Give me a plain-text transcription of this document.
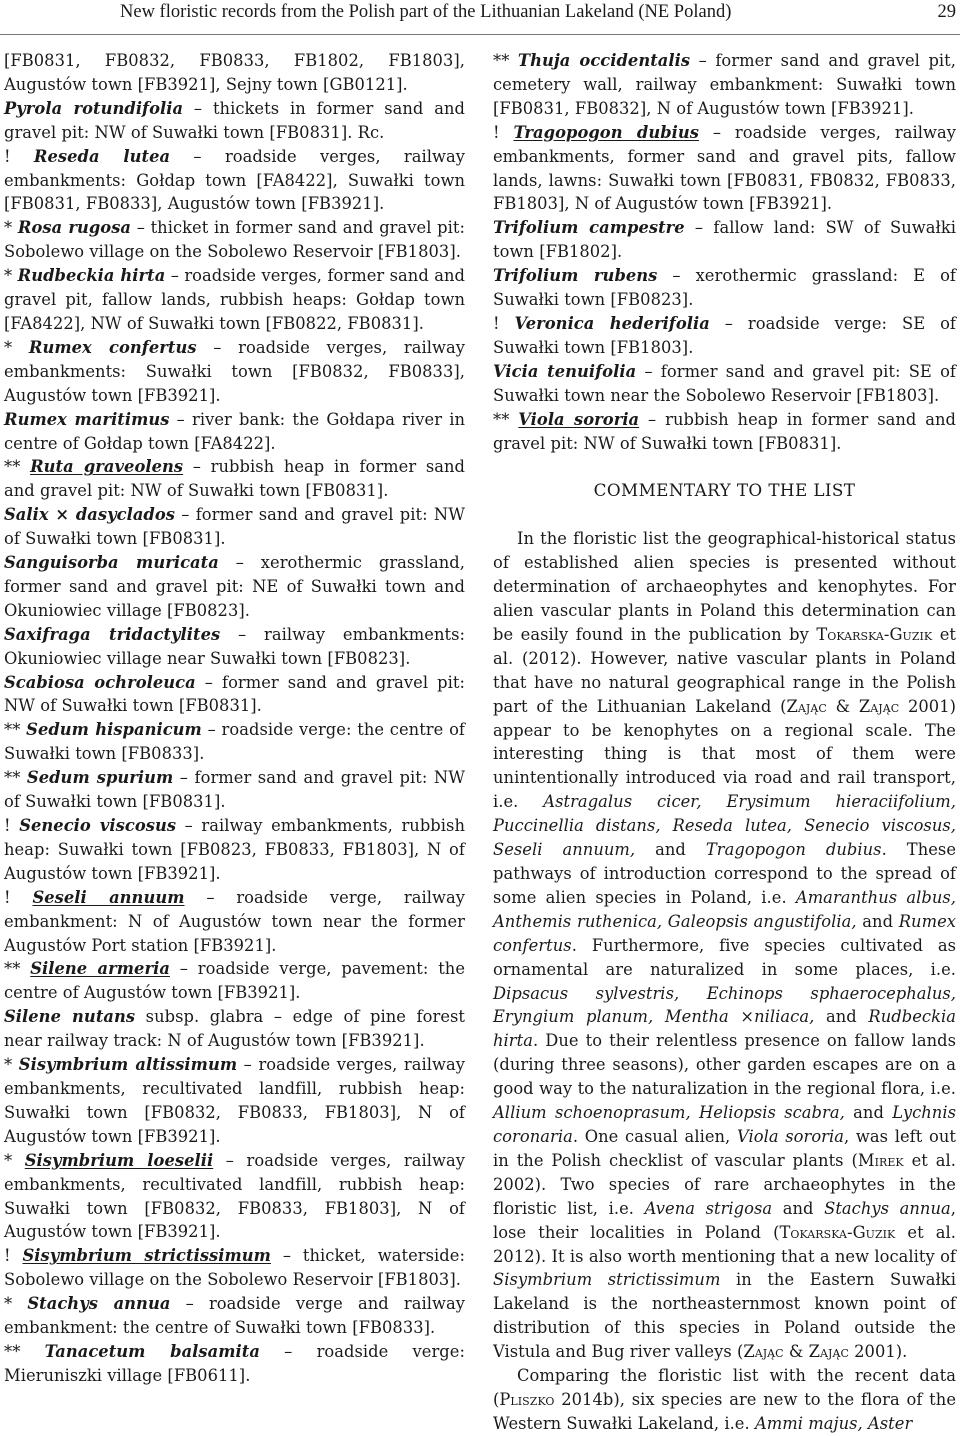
New floristic records from the Polish part of the Lithuanian Lakeland (NE Poland)	29

[FB0831, FB0832, FB0833, FB1802, FB1803], Augustów town [FB3921], Sejny town [GB0121].

Pyrola rotundifolia – thickets in former sand and gravel pit: NW of Suwałki town [FB0831]. Rc.

! Reseda lutea – roadside verges, railway embankments: Gołdap town [FA8422], Suwałki town [FB0831, FB0833], Augustów town [FB3921].

* Rosa rugosa – thicket in former sand and gravel pit: Sobolewo village on the Sobolewo Reservoir [FB1803].

* Rudbeckia hirta – roadside verges, former sand and gravel pit, fallow lands, rubbish heaps: Gołdap town [FA8422], NW of Suwałki town [FB0822, FB0831].

* Rumex confertus – roadside verges, railway embankments: Suwałki town [FB0832, FB0833], Augustów town [FB3921].

Rumex maritimus – river bank: the Gołdapa river in centre of Gołdap town [FA8422].

** Ruta graveolens – rubbish heap in former sand and gravel pit: NW of Suwałki town [FB0831].

Salix × dasyclados – former sand and gravel pit: NW of Suwałki town [FB0831].

Sanguisorba muricata – xerothermic grassland, former sand and gravel pit: NE of Suwałki town and Okuniowiec village [FB0823].

Saxifraga tridactylites – railway embankments: Okuniowiec village near Suwałki town [FB0823].

Scabiosa ochroleuca – former sand and gravel pit: NW of Suwałki town [FB0831].

** Sedum hispanicum – roadside verge: the centre of Suwałki town [FB0833].

** Sedum spurium – former sand and gravel pit: NW of Suwałki town [FB0831].

! Senecio viscosus – railway embankments, rubbish heap: Suwałki town [FB0823, FB0833, FB1803], N of Augustów town [FB3921].

! Seseli annuum – roadside verge, railway embankment: N of Augustów town near the former Augustów Port station [FB3921].

** Silene armeria – roadside verge, pavement: the centre of Augustów town [FB3921].

Silene nutans subsp. glabra – edge of pine forest near railway track: N of Augustów town [FB3921].

* Sisymbrium altissimum – roadside verges, railway embankments, recultivated landfill, rubbish heap: Suwałki town [FB0832, FB0833, FB1803], N of Augustów town [FB3921].

* Sisymbrium loeselii – roadside verges, railway embankments, recultivated landfill, rubbish heap: Suwałki town [FB0832, FB0833, FB1803], N of Augustów town [FB3921].

! Sisymbrium strictissimum – thicket, waterside: Sobolewo village on the Sobolewo Reservoir [FB1803].

* Stachys annua – roadside verge and railway embankment: the centre of Suwałki town [FB0833].

** Tanacetum balsamita – roadside verge: Mieruniszki village [FB0611].

** Thuja occidentalis – former sand and gravel pit, cemetery wall, railway embankment: Suwałki town [FB0831, FB0832], N of Augustów town [FB3921].

! Tragopogon dubius – roadside verges, railway embankments, former sand and gravel pits, fallow lands, lawns: Suwałki town [FB0831, FB0832, FB0833, FB1803], N of Augustów town [FB3921].

Trifolium campestre – fallow land: SW of Suwałki town [FB1802].

Trifolium rubens – xerothermic grassland: E of Suwałki town [FB0823].

! Veronica hederifolia – roadside verge: SE of Suwałki town [FB1803].

Vicia tenuifolia – former sand and gravel pit: SE of Suwałki town near the Sobolewo Reservoir [FB1803].

** Viola sororia – rubbish heap in former sand and gravel pit: NW of Suwałki town [FB0831].

COMMENTARY TO THE LIST

In the floristic list the geographical-historical status of established alien species is presented without determination of archaeophytes and kenophytes. For alien vascular plants in Poland this determination can be easily found in the publication by Tokarska-Guzik et al. (2012). However, native vascular plants in Poland that have no natural geographical range in the Polish part of the Lithuanian Lakeland (Zając & Zając 2001) appear to be kenophytes on a regional scale. The interesting thing is that most of them were unintentionally introduced via road and rail transport, i.e. Astragalus cicer, Erysimum hieraciifolium, Puccinellia distans, Reseda lutea, Senecio viscosus, Seseli annuum, and Tragopogon dubius. These pathways of introduction correspond to the spread of some alien species in Poland, i.e. Amaranthus albus, Anthemis ruthenica, Galeopsis angustifolia, and Rumex confertus. Furthermore, five species cultivated as ornamental are naturalized in some places, i.e. Dipsacus sylvestris, Echinops sphaerocephalus, Eryngium planum, Mentha ×niliaca, and Rudbeckia hirta. Due to their relentless presence on fallow lands (during three seasons), other garden escapes are on a good way to the naturalization in the regional flora, i.e. Allium schoenoprasum, Heliopsis scabra, and Lychnis coronaria. One casual alien, Viola sororia, was left out in the Polish checklist of vascular plants (Mirek et al. 2002). Two species of rare archaeophytes in the floristic list, i.e. Avena strigosa and Stachys annua, lose their localities in Poland (Tokarska-Guzik et al. 2012). It is also worth mentioning that a new locality of Sisymbrium strictissimum in the Eastern Suwałki Lakeland is the northeasternmost known point of distribution of this species in Poland outside the Vistula and Bug river valleys (Zając & Zając 2001).

Comparing the floristic list with the recent data (Pliszko 2014b), six species are new to the flora of the Western Suwałki Lakeland, i.e. Ammi majus, Aster
